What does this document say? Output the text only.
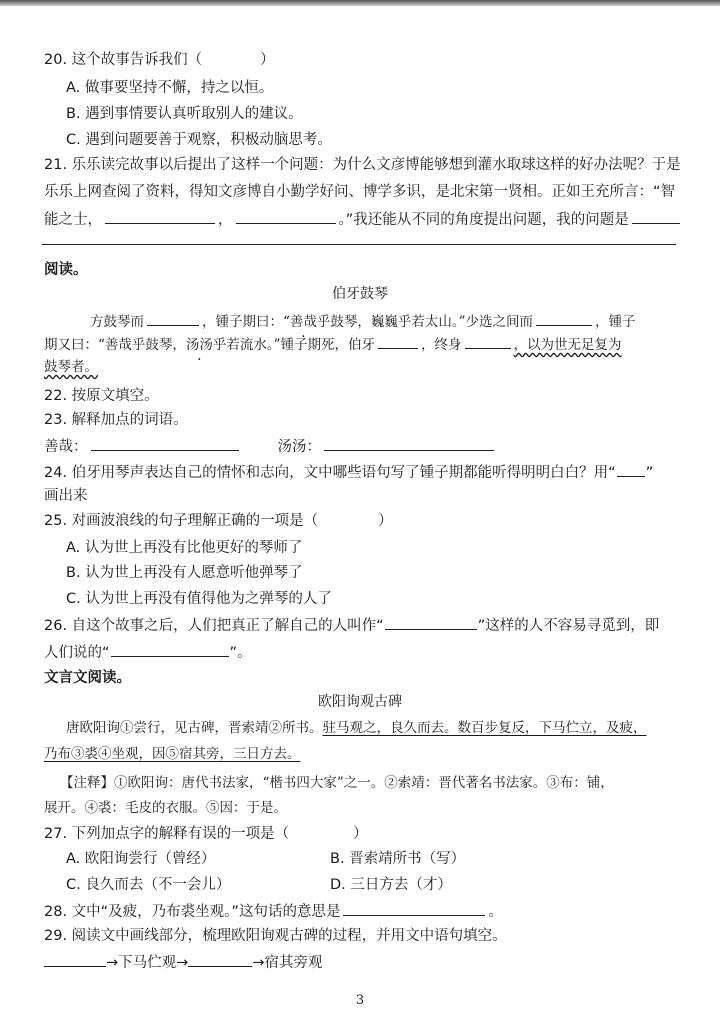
20. 这个故事告诉我们（	）
A. 做事要坚持不懈，持之以恒。
B. 遇到事情要认真听取别人的建议。
C. 遇到问题要善于观察，积极动脑思考。
21. 乐乐读完故事以后提出了这样一个问题：为什么文彦博能够想到灌水取球这样的好办法呢？于是
乐乐上网查阅了资料，得知文彦博自小勤学好问、博学多识，是北宋第一贤相。正如王充所言：“智
能之士，	，	。”我还能从不同的角度提出问题，我的问题是
阅读。
伯牙鼓琴
方鼓琴而	，锺子期曰：“善哉乎鼓琴，巍巍乎若太山。”少选之间而	，锺子
期又曰：“善哉乎鼓琴，汤汤乎若流水。”锺子期死，伯牙	，终身	，以为世无足复为
鼓琴者。
22. 按原文填空。
23. 解释加点的词语。
善哉：	汤汤：
24. 伯牙用琴声表达自己的情怀和志向，文中哪些语句写了锺子期都能听得明明白白？用“ ”
画出来
25. 对画波浪线的句子理解正确的一项是（	）
A. 认为世上再没有比他更好的琴师了
B. 认为世上再没有人愿意听他弹琴了
C. 认为世上再没有值得他为之弹琴的人了
26. 自这个故事之后，人们把真正了解自己的人叫作“	”这样的人不容易寻觅到，即
人们说的“	”。
文言文阅读。
欧阳询观古碑
唐欧阳询①尝行，见古碑，晋索靖②所书。驻马观之，良久而去。数百步复反，下马伫立，及疲，
乃布③裘④坐观，因⑤宿其旁，三日方去。
【注释】①欧阳询：唐代书法家，“楷书四大家”之一。②索靖：晋代著名书法家。③布：铺，
展开。④裘：毛皮的衣服。⑤因：于是。
27. 下列加点字的解释有误的一项是（	）
A. 欧阳询尝行（曾经）	B. 晋索靖所书（写）
C. 良久而去（不一会儿）	D. 三日方去（才）
28. 文中“及疲，乃布裘坐观。”这句话的意思是	。
29. 阅读文中画线部分，梳理欧阳询观古碑的过程，并用文中语句填空。
→下马伫观→	→宿其旁观
3
